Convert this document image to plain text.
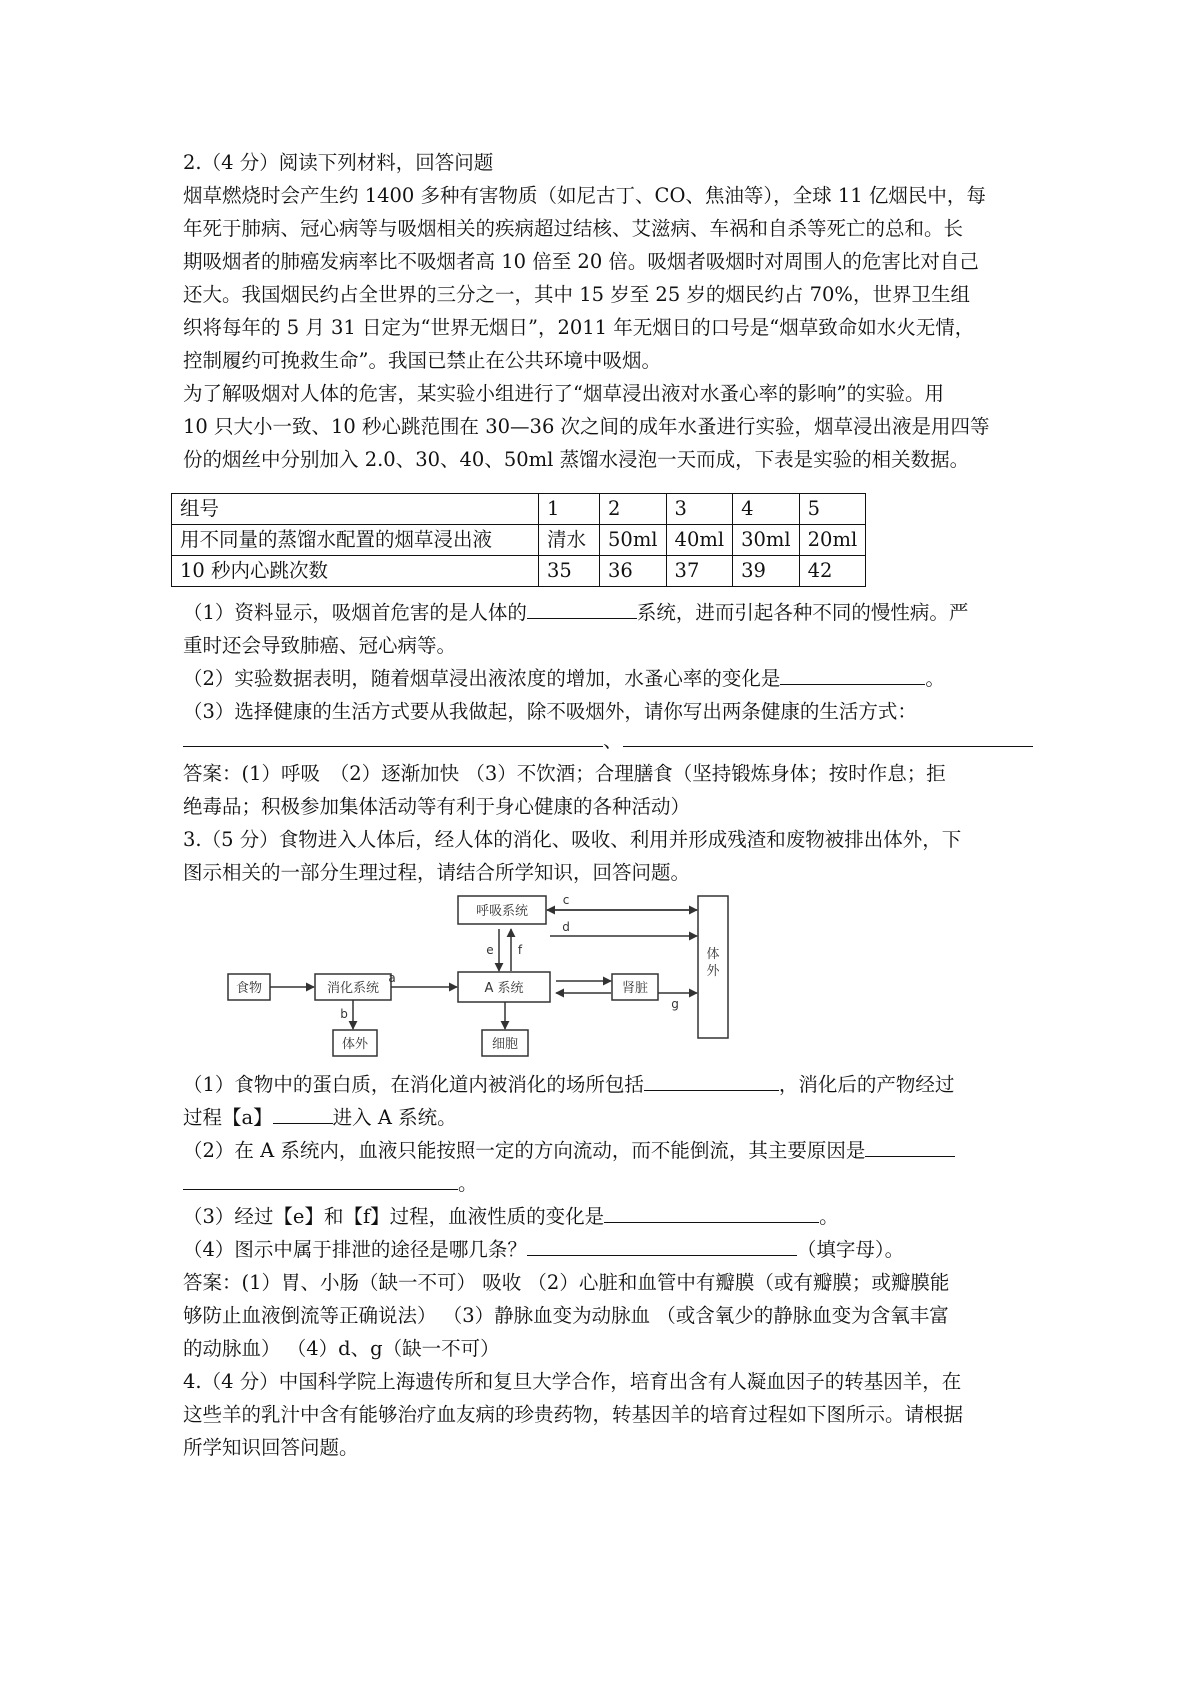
2.（4 分）阅读下列材料，回答问题

烟草燃烧时会产生约 1400 多种有害物质（如尼古丁、CO、焦油等），全球 11 亿烟民中，每

年死于肺病、冠心病等与吸烟相关的疾病超过结核、艾滋病、车祸和自杀等死亡的总和。长

期吸烟者的肺癌发病率比不吸烟者高 10 倍至 20 倍。吸烟者吸烟时对周围人的危害比对自己

还大。我国烟民约占全世界的三分之一，其中 15 岁至 25 岁的烟民约占 70%，世界卫生组

织将每年的 5 月 31 日定为“世界无烟日”，2011 年无烟日的口号是“烟草致命如水火无情，

控制履约可挽救生命”。我国已禁止在公共环境中吸烟。

为了解吸烟对人体的危害，某实验小组进行了“烟草浸出液对水蚤心率的影响”的实验。用

10 只大小一致、10 秒心跳范围在 30—36 次之间的成年水蚤进行实验，烟草浸出液是用四等

份的烟丝中分别加入 2.0、30、40、50ml 蒸馏水浸泡一天而成，下表是实验的相关数据。

组号	1	2	3	4	5
用不同量的蒸馏水配置的烟草浸出液	清水	50ml	40ml	30ml	20ml
10 秒内心跳次数	35	36	37	39	42

（1）资料显示，吸烟首危害的是人体的	系统，进而引起各种不同的慢性病。严

重时还会导致肺癌、冠心病等。

（2）实验数据表明，随着烟草浸出液浓度的增加，水蚤心率的变化是	。

（3）选择健康的生活方式要从我做起，除不吸烟外，请你写出两条健康的生活方式：

、

答案：(1）呼吸　（2）逐渐加快 （3）不饮酒；合理膳食（坚持锻炼身体；按时作息；拒

绝毒品；积极参加集体活动等有利于身心健康的各种活动）

3.（5 分）食物进入人体后，经人体的消化、吸收、利用并形成残渣和废物被排出体外，下

图示相关的一部分生理过程，请结合所学知识，回答问题。

食物	消化系统	A 系统
呼吸系统
肾脏
体外	细胞
体外
a
b
c
d
e f
g

（1）食物中的蛋白质，在消化道内被消化的场所包括	，消化后的产物经过

过程【a】	进入 A 系统。

（2）在 A 系统内，血液只能按照一定的方向流动，而不能倒流，其主要原因是

。

（3）经过【e】和【f】过程，血液性质的变化是	。

（4）图示中属于排泄的途径是哪几条？	（填字母）。

答案：(1）胃、小肠（缺一不可） 吸收 （2）心脏和血管中有瓣膜（或有瓣膜；或瓣膜能

够防止血液倒流等正确说法） （3）静脉血变为动脉血 （或含氧少的静脉血变为含氧丰富

的动脉血） （4）d、g（缺一不可）

4.（4 分）中国科学院上海遗传所和复旦大学合作，培育出含有人凝血因子的转基因羊，在

这些羊的乳汁中含有能够治疗血友病的珍贵药物，转基因羊的培育过程如下图所示。请根据

所学知识回答问题。
